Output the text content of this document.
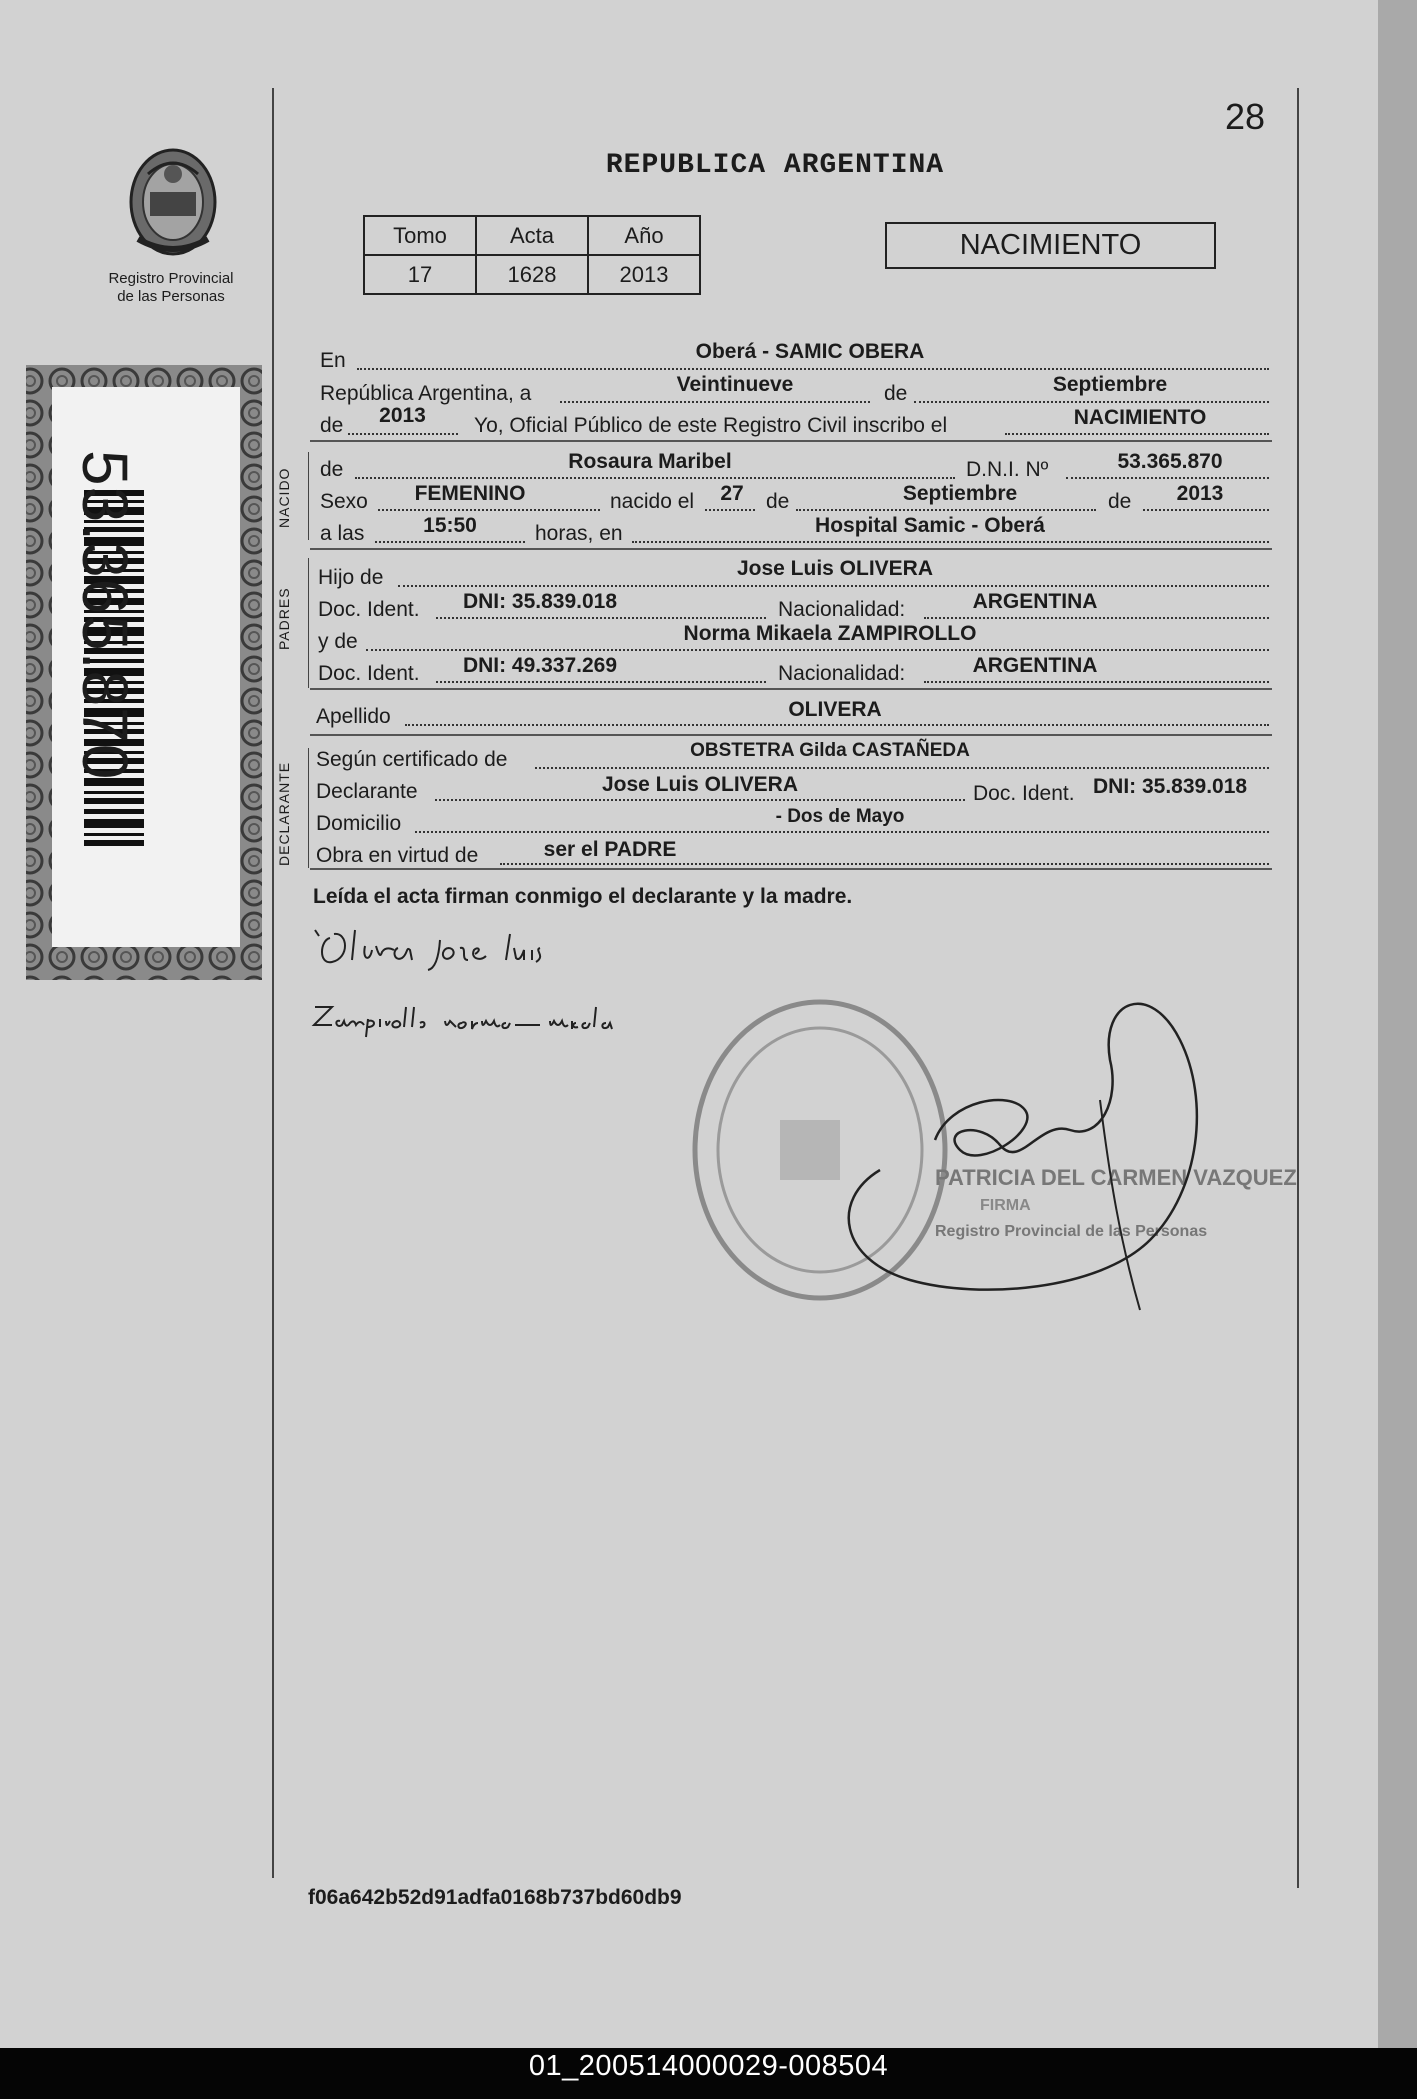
28
REPUBLICA ARGENTINA
Registro Provincial
de las Personas
53.365.870
Tomo	Acta	Año
17	1628	2013
NACIMIENTO
En	Oberá - SAMIC OBERA
República Argentina, a	Veintinueve	de	Septiembre
de	2013	Yo, Oficial Público de este Registro Civil inscribo el	NACIMIENTO
NACIDO de	Rosaura Maribel	D.N.I. Nº	53.365.870
Sexo	FEMENINO	nacido el	27	de	Septiembre	de	2013
a las	15:50	horas, en	Hospital Samic - Oberá
PADRES
Hijo de	Jose Luis OLIVERA
Doc. Ident.	DNI: 35.839.018	Nacionalidad:	ARGENTINA
y de	Norma Mikaela ZAMPIROLLO
Doc. Ident.	DNI: 49.337.269	Nacionalidad:	ARGENTINA
Apellido	OLIVERA
DECLARANTE
Según certificado de	OBSTETRA Gilda CASTAÑEDA
Declarante	Jose Luis OLIVERA	Doc. Ident. DNI: 35.839.018
Domicilio	- Dos de Mayo
Obra en virtud de	ser el PADRE
Leída el acta firman conmigo el declarante y la madre.
PATRICIA DEL CARMEN VAZQUEZ
FIRMA
Registro Provincial de las Personas
f06a642b52d91adfa0168b737bd60db9
01_200514000029-008504
